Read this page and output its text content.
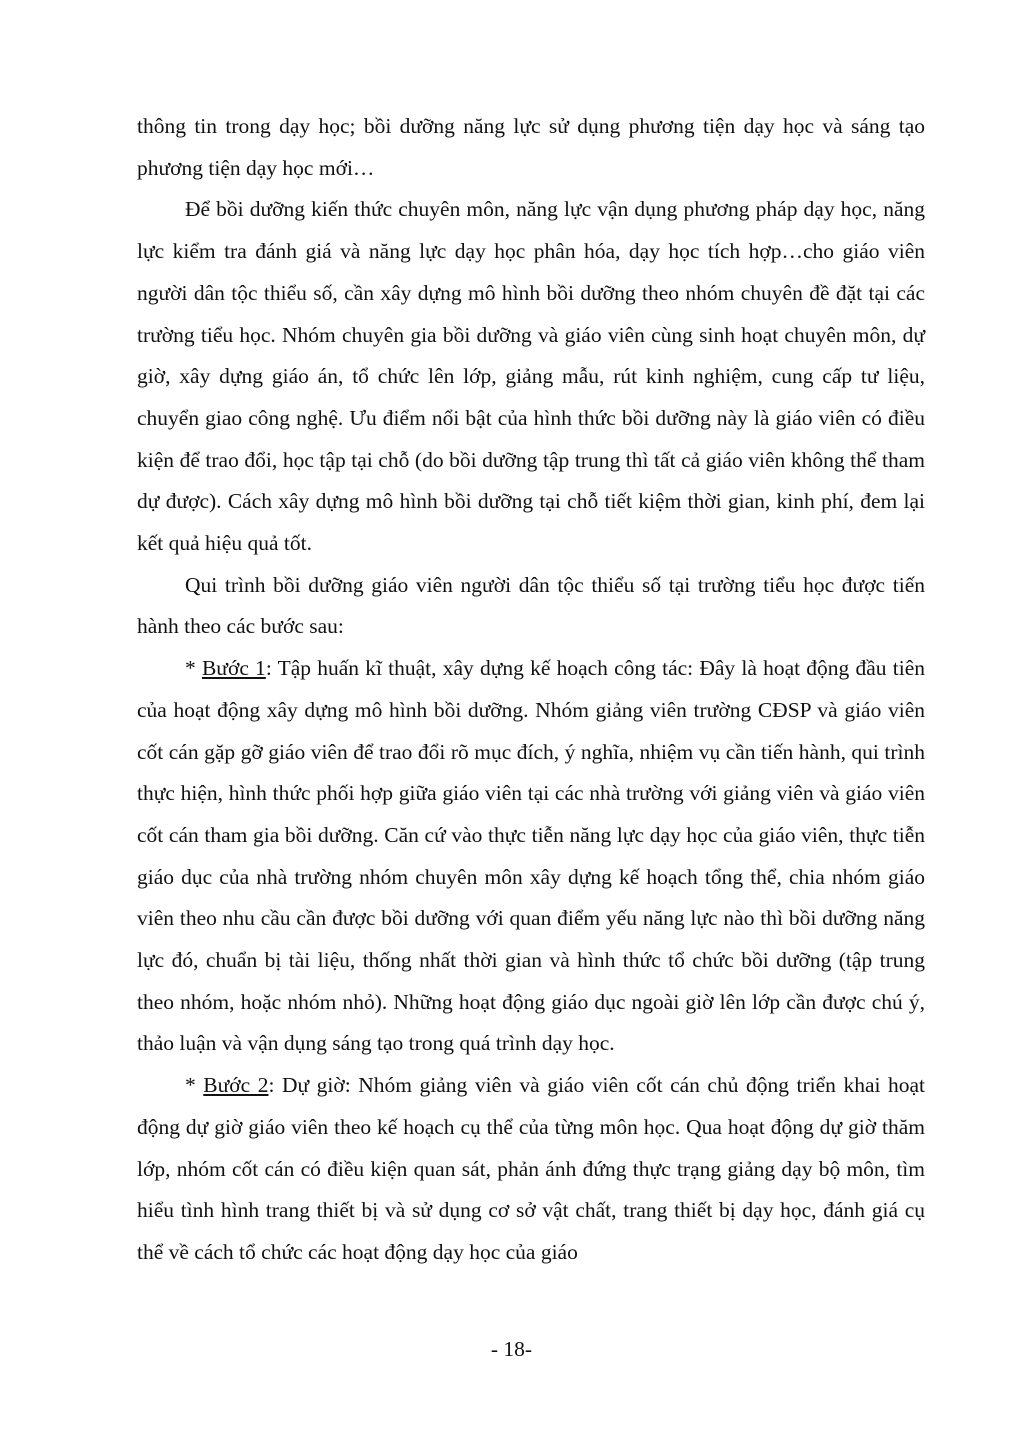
thông tin trong dạy học; bồi dưỡng năng lực sử dụng phương tiện dạy học và sáng tạo phương tiện dạy học mới…

Để bồi dưỡng kiến thức chuyên môn, năng lực vận dụng phương pháp dạy học, năng lực kiểm tra đánh giá và năng lực dạy học phân hóa, dạy học tích hợp…cho giáo viên người dân tộc thiểu số, cần xây dựng mô hình bồi dưỡng theo nhóm chuyên đề đặt tại các trường tiểu học. Nhóm chuyên gia bồi dưỡng và giáo viên cùng sinh hoạt chuyên môn, dự giờ, xây dựng giáo án, tổ chức lên lớp, giảng mẫu, rút kinh nghiệm, cung cấp tư liệu, chuyển giao công nghệ. Ưu điểm nổi bật của hình thức bồi dưỡng này là giáo viên có điều kiện để trao đổi, học tập tại chỗ (do bồi dưỡng tập trung thì tất cả giáo viên không thể tham dự được). Cách xây dựng mô hình bồi dưỡng tại chỗ tiết kiệm thời gian, kinh phí, đem lại kết quả hiệu quả tốt.

Qui trình bồi dưỡng giáo viên người dân tộc thiểu số tại trường tiểu học được tiến hành theo các bước sau:

* Bước 1: Tập huấn kĩ thuật, xây dựng kế hoạch công tác: Đây là hoạt động đầu tiên của hoạt động xây dựng mô hình bồi dưỡng. Nhóm giảng viên trường CĐSP và giáo viên cốt cán gặp gỡ giáo viên để trao đổi rõ mục đích, ý nghĩa, nhiệm vụ cần tiến hành, qui trình thực hiện, hình thức phối hợp giữa giáo viên tại các nhà trường với giảng viên và giáo viên cốt cán tham gia bồi dưỡng. Căn cứ vào thực tiễn năng lực dạy học của giáo viên, thực tiễn giáo dục của nhà trường nhóm chuyên môn xây dựng kế hoạch tổng thể, chia nhóm giáo viên theo nhu cầu cần được bồi dưỡng với quan điểm yếu năng lực nào thì bồi dưỡng năng lực đó, chuẩn bị tài liệu, thống nhất thời gian và hình thức tổ chức bồi dưỡng (tập trung theo nhóm, hoặc nhóm nhỏ). Những hoạt động giáo dục ngoài giờ lên lớp cần được chú ý, thảo luận và vận dụng sáng tạo trong quá trình dạy học.

* Bước 2: Dự giờ: Nhóm giảng viên và giáo viên cốt cán chủ động triển khai hoạt động dự giờ giáo viên theo kế hoạch cụ thể của từng môn học. Qua hoạt động dự giờ thăm lớp, nhóm cốt cán có điều kiện quan sát, phản ánh đứng thực trạng giảng dạy bộ môn, tìm hiểu tình hình trang thiết bị và sử dụng cơ sở vật chất, trang thiết bị dạy học, đánh giá cụ thể về cách tổ chức các hoạt động dạy học của giáo

- 18-
